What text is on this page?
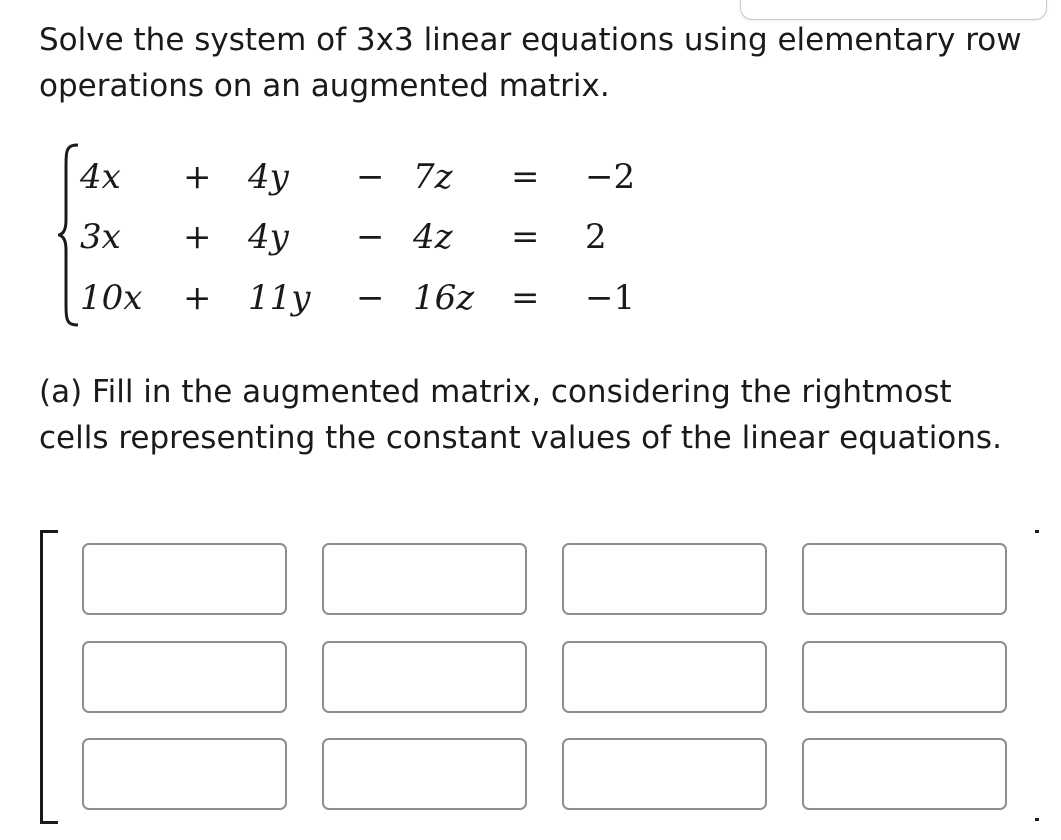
Solve the system of 3x3 linear equations using elementary row operations on an augmented matrix.

4x + 4y − 7z = −2
3x + 4y − 4z = 2
10x + 11y − 16z = −1

(a) Fill in the augmented matrix, considering the rightmost cells representing the constant values of the linear equations.
